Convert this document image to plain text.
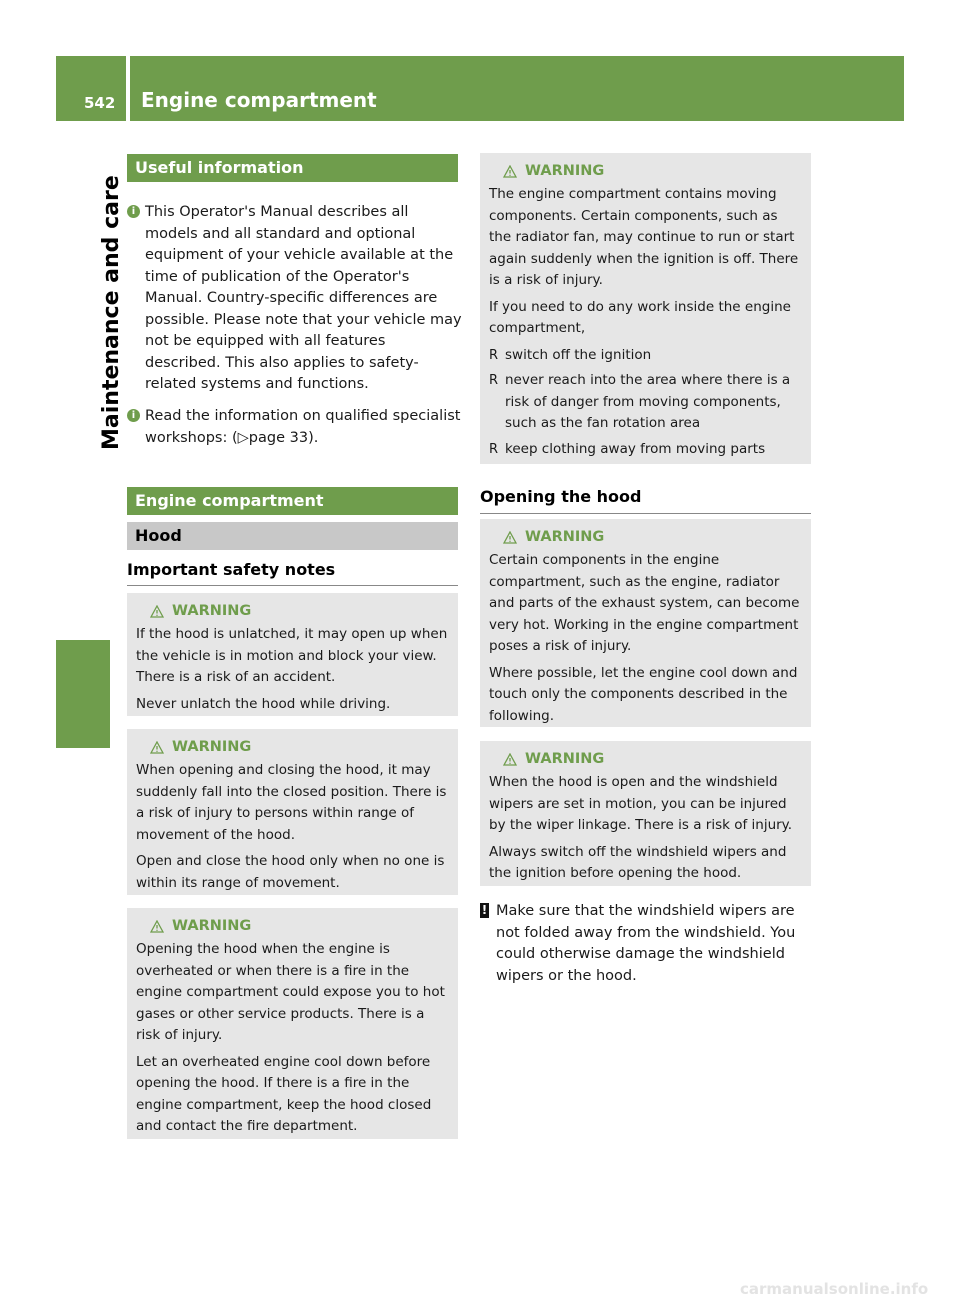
542 Engine compartment
Maintenance and care
Useful information
i This Operator's Manual describes all models and all standard and optional equipment of your vehicle available at the time of publication of the Operator's Manual. Country-specific differences are possible. Please note that your vehicle may not be equipped with all features described. This also applies to safety-related systems and functions.
i Read the information on qualified specialist workshops: (▷page 33).
Engine compartment
Hood
Important safety notes
WARNING

If the hood is unlatched, it may open up when the vehicle is in motion and block your view. There is a risk of an accident.

Never unlatch the hood while driving.

WARNING

When opening and closing the hood, it may suddenly fall into the closed position. There is a risk of injury to persons within range of movement of the hood.

Open and close the hood only when no one is within its range of movement.

WARNING

Opening the hood when the engine is overheated or when there is a fire in the engine compartment could expose you to hot gases or other service products. There is a risk of injury.

Let an overheated engine cool down before opening the hood. If there is a fire in the engine compartment, keep the hood closed and contact the fire department.

WARNING

The engine compartment contains moving components. Certain components, such as the radiator fan, may continue to run or start again suddenly when the ignition is off. There is a risk of injury.

If you need to do any work inside the engine compartment,

R switch off the ignition
R never reach into the area where there is a risk of danger from moving components, such as the fan rotation area
R keep clothing away from moving parts
Opening the hood
WARNING

Certain components in the engine compartment, such as the engine, radiator and parts of the exhaust system, can become very hot. Working in the engine compartment poses a risk of injury.

Where possible, let the engine cool down and touch only the components described in the following.

WARNING

When the hood is open and the windshield wipers are set in motion, you can be injured by the wiper linkage. There is a risk of injury.

Always switch off the windshield wipers and the ignition before opening the hood.

! Make sure that the windshield wipers are not folded away from the windshield. You could otherwise damage the windshield wipers or the hood.
carmanualsonline.info
